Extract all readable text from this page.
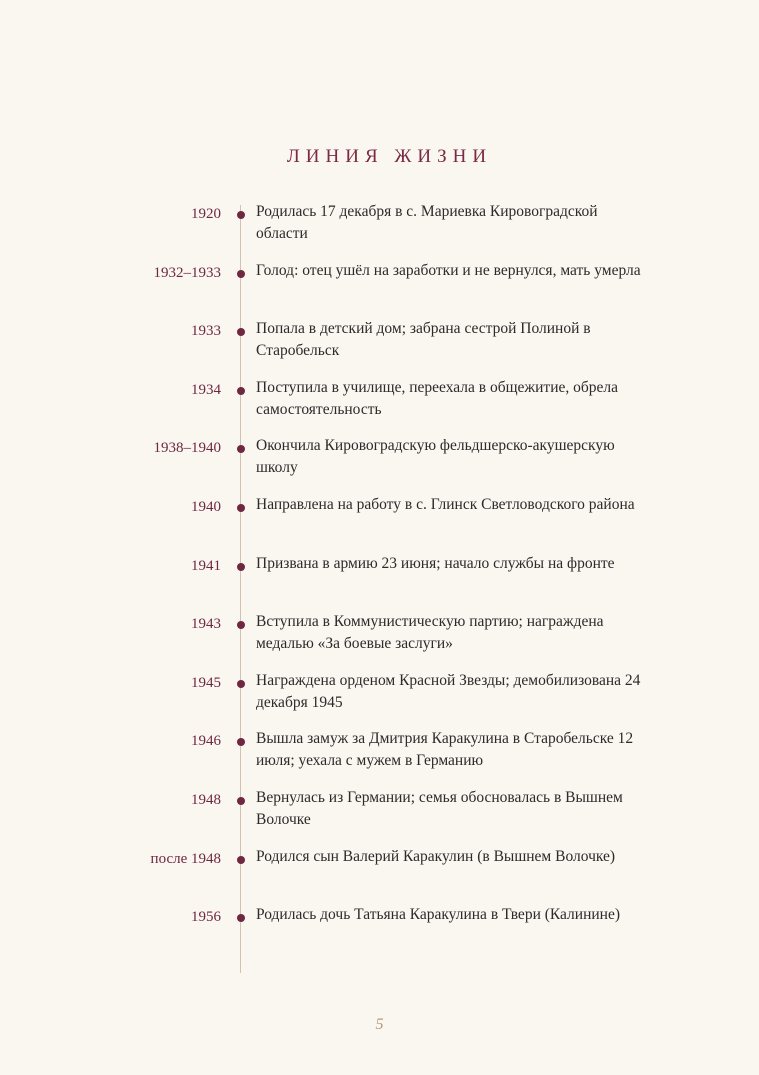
ЛИНИЯ ЖИЗНИ
1920 Родилась 17 декабря в с. Мариевка Кировоградской области
1932–1933 Голод: отец ушёл на заработки и не вернулся, мать умерла
1933 Попала в детский дом; забрана сестрой Полиной в Старобельск
1934 Поступила в училище, переехала в общежитие, обрела самостоятельность
1938–1940 Окончила Кировоградскую фельдшерско-акушерскую школу
1940 Направлена на работу в с. Глинск Светловодского района
1941 Призвана в армию 23 июня; начало службы на фронте
1943 Вступила в Коммунистическую партию; награждена медалью «За боевые заслуги»
1945 Награждена орденом Красной Звезды; демобилизована 24 декабря 1945
1946 Вышла замуж за Дмитрия Каракулина в Старобельске 12 июля; уехала с мужем в Германию
1948 Вернулась из Германии; семья обосновалась в Вышнем Волочке
после 1948 Родился сын Валерий Каракулин (в Вышнем Волочке)
1956 Родилась дочь Татьяна Каракулина в Твери (Калинине)
5
